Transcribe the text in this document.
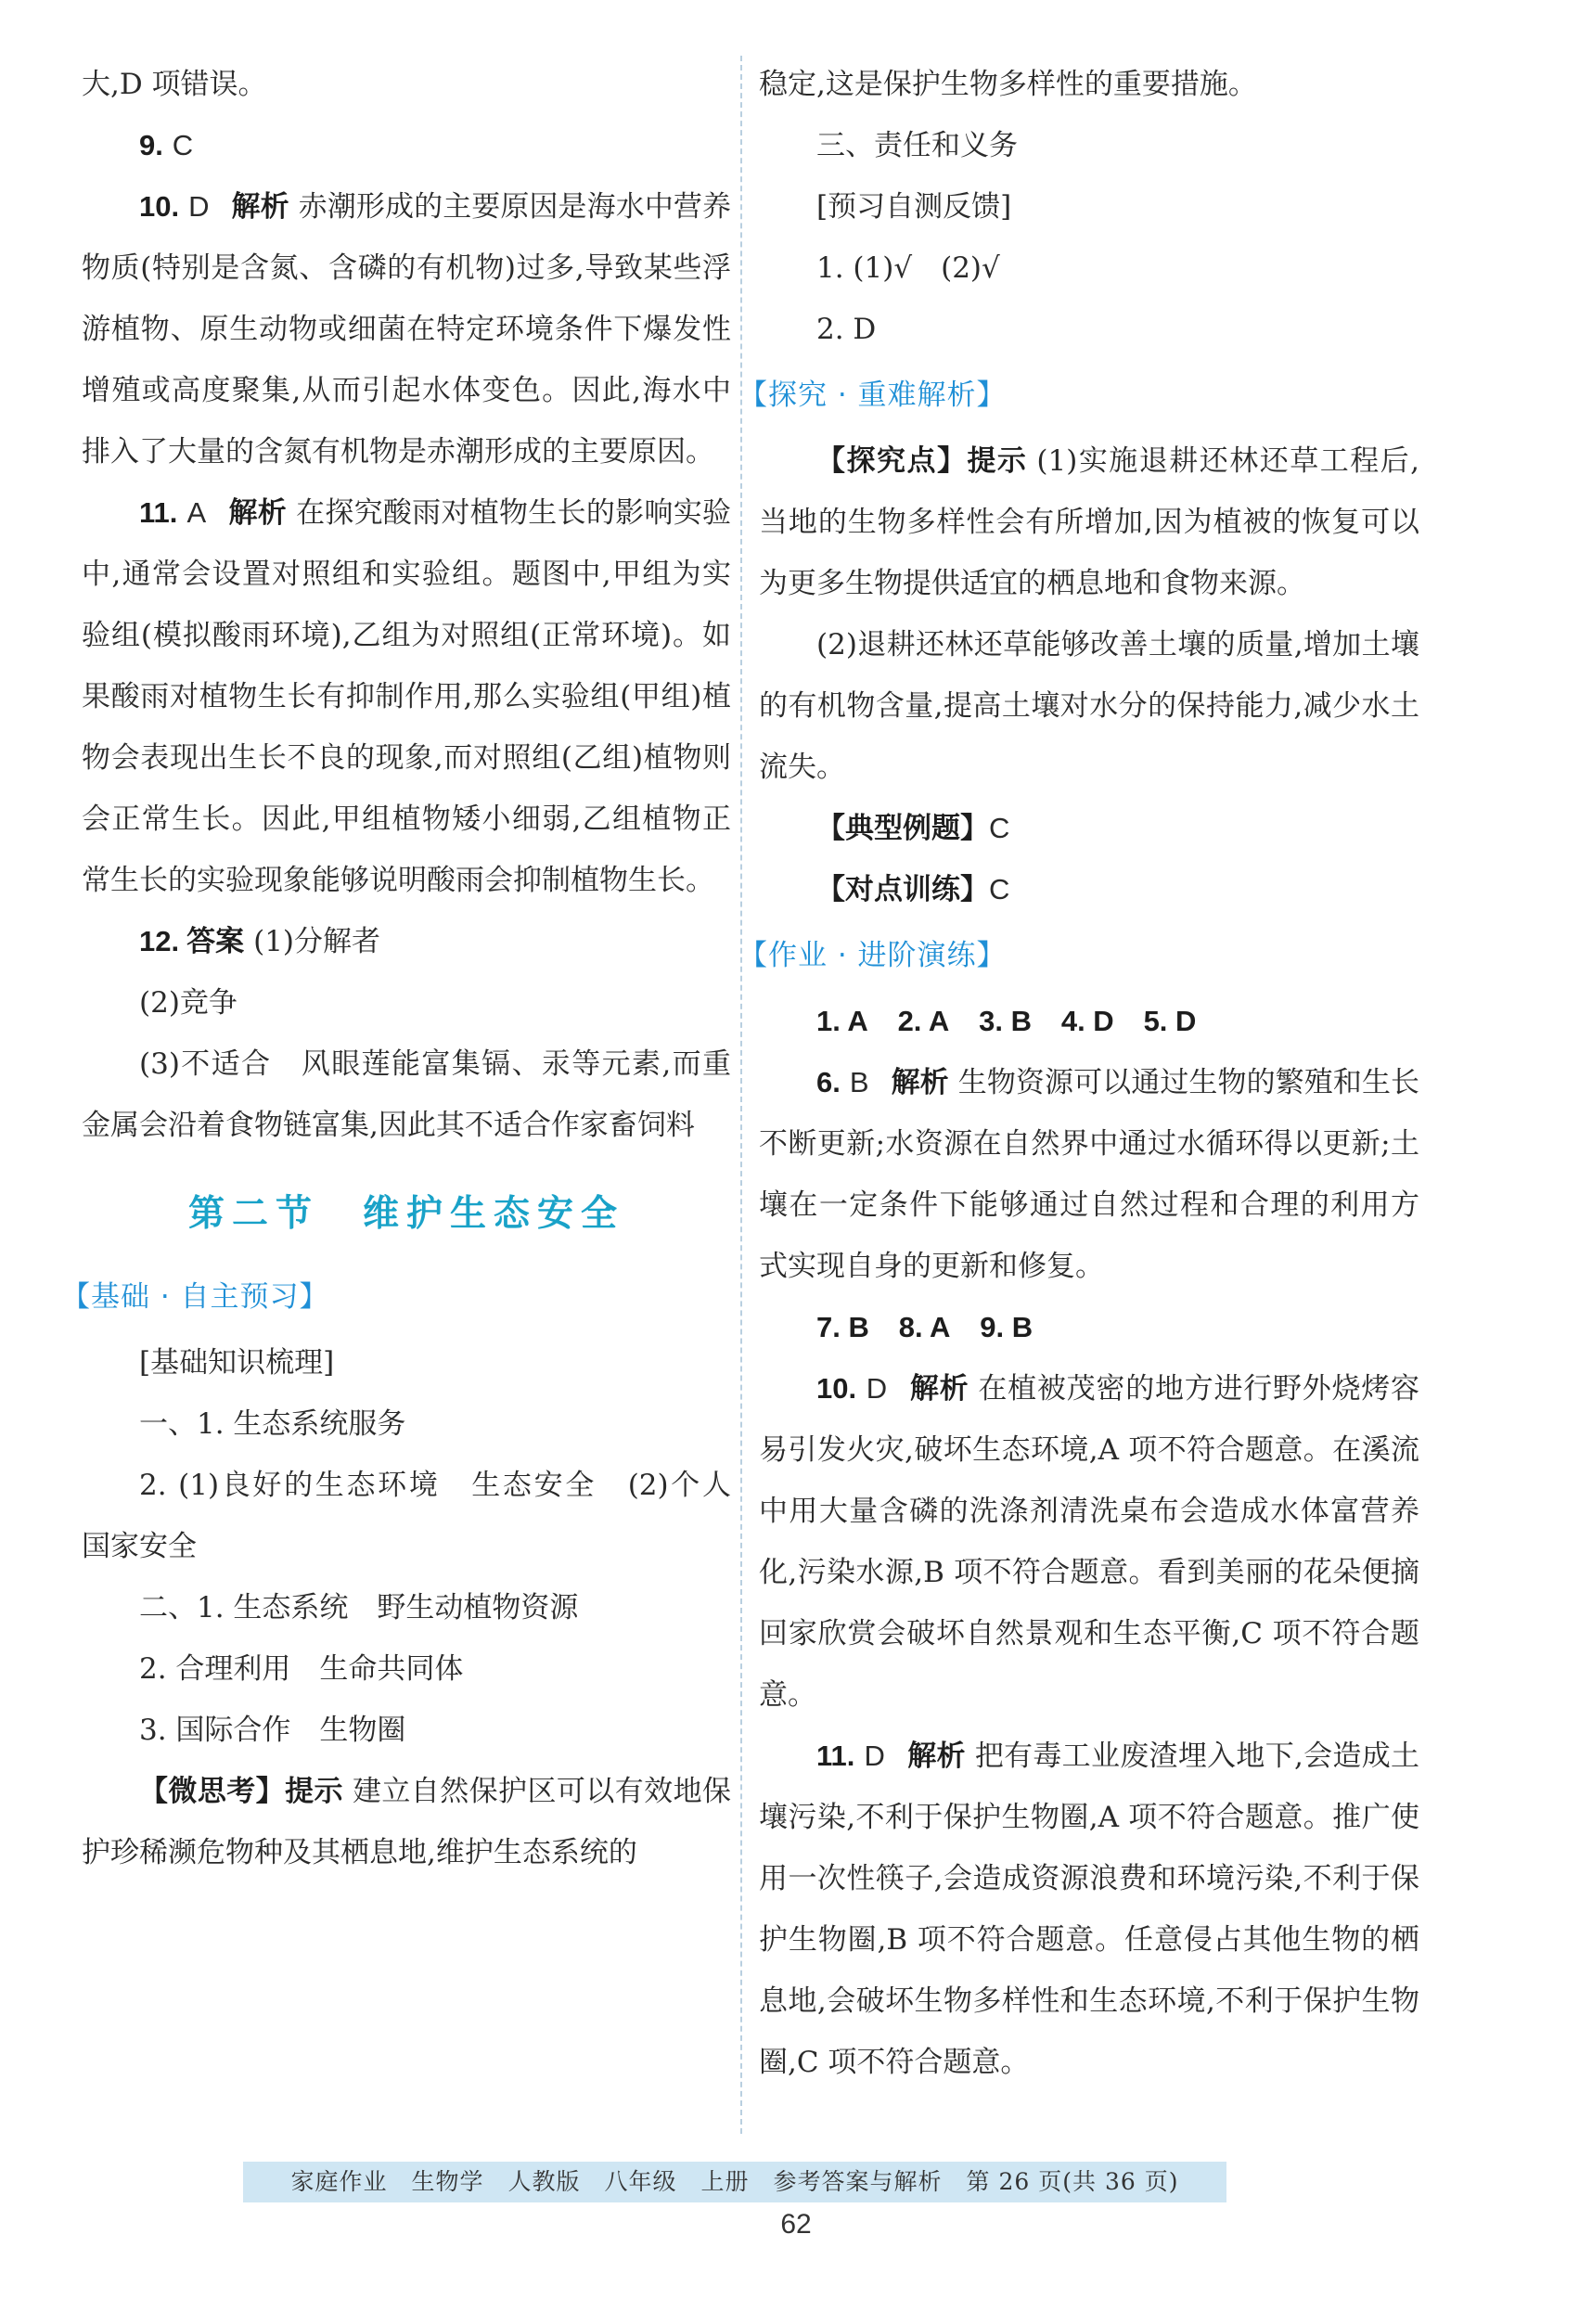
大,D 项错误。

9. C

10. D 解析 赤潮形成的主要原因是海水中营养物质(特别是含氮、含磷的有机物)过多,导致某些浮游植物、原生动物或细菌在特定环境条件下爆发性增殖或高度聚集,从而引起水体变色。因此,海水中排入了大量的含氮有机物是赤潮形成的主要原因。

11. A 解析 在探究酸雨对植物生长的影响实验中,通常会设置对照组和实验组。题图中,甲组为实验组(模拟酸雨环境),乙组为对照组(正常环境)。如果酸雨对植物生长有抑制作用,那么实验组(甲组)植物会表现出生长不良的现象,而对照组(乙组)植物则会正常生长。因此,甲组植物矮小细弱,乙组植物正常生长的实验现象能够说明酸雨会抑制植物生长。

12. 答案 (1)分解者

(2)竞争

(3)不适合　风眼莲能富集镉、汞等元素,而重金属会沿着食物链富集,因此其不适合作家畜饲料

第二节　维护生态安全
【基础 · 自主预习】

[基础知识梳理]

一、1. 生态系统服务

2. (1)良好的生态环境　生态安全　(2)个人　国家安全

二、1. 生态系统　野生动植物资源

2. 合理利用　生命共同体

3. 国际合作　生物圈

【微思考】提示 建立自然保护区可以有效地保护珍稀濒危物种及其栖息地,维护生态系统的

稳定,这是保护生物多样性的重要措施。

三、责任和义务

[预习自测反馈]

1. (1)√　(2)√

2. D

【探究 · 重难解析】

【探究点】提示 (1)实施退耕还林还草工程后,当地的生物多样性会有所增加,因为植被的恢复可以为更多生物提供适宜的栖息地和食物来源。

(2)退耕还林还草能够改善土壤的质量,增加土壤的有机物含量,提高土壤对水分的保持能力,减少水土流失。

【典型例题】C

【对点训练】C

【作业 · 进阶演练】

1. A 2. A 3. B 4. D 5. D

6. B 解析 生物资源可以通过生物的繁殖和生长不断更新;水资源在自然界中通过水循环得以更新;土壤在一定条件下能够通过自然过程和合理的利用方式实现自身的更新和修复。

7. B 8. A 9. B

10. D 解析 在植被茂密的地方进行野外烧烤容易引发火灾,破坏生态环境,A 项不符合题意。在溪流中用大量含磷的洗涤剂清洗桌布会造成水体富营养化,污染水源,B 项不符合题意。看到美丽的花朵便摘回家欣赏会破坏自然景观和生态平衡,C 项不符合题意。

11. D 解析 把有毒工业废渣埋入地下,会造成土壤污染,不利于保护生物圈,A 项不符合题意。推广使用一次性筷子,会造成资源浪费和环境污染,不利于保护生物圈,B 项不符合题意。任意侵占其他生物的栖息地,会破坏生物多样性和生态环境,不利于保护生物圈,C 项不符合题意。

家庭作业　生物学　人教版　八年级　上册　参考答案与解析　第 26 页(共 36 页)
62
